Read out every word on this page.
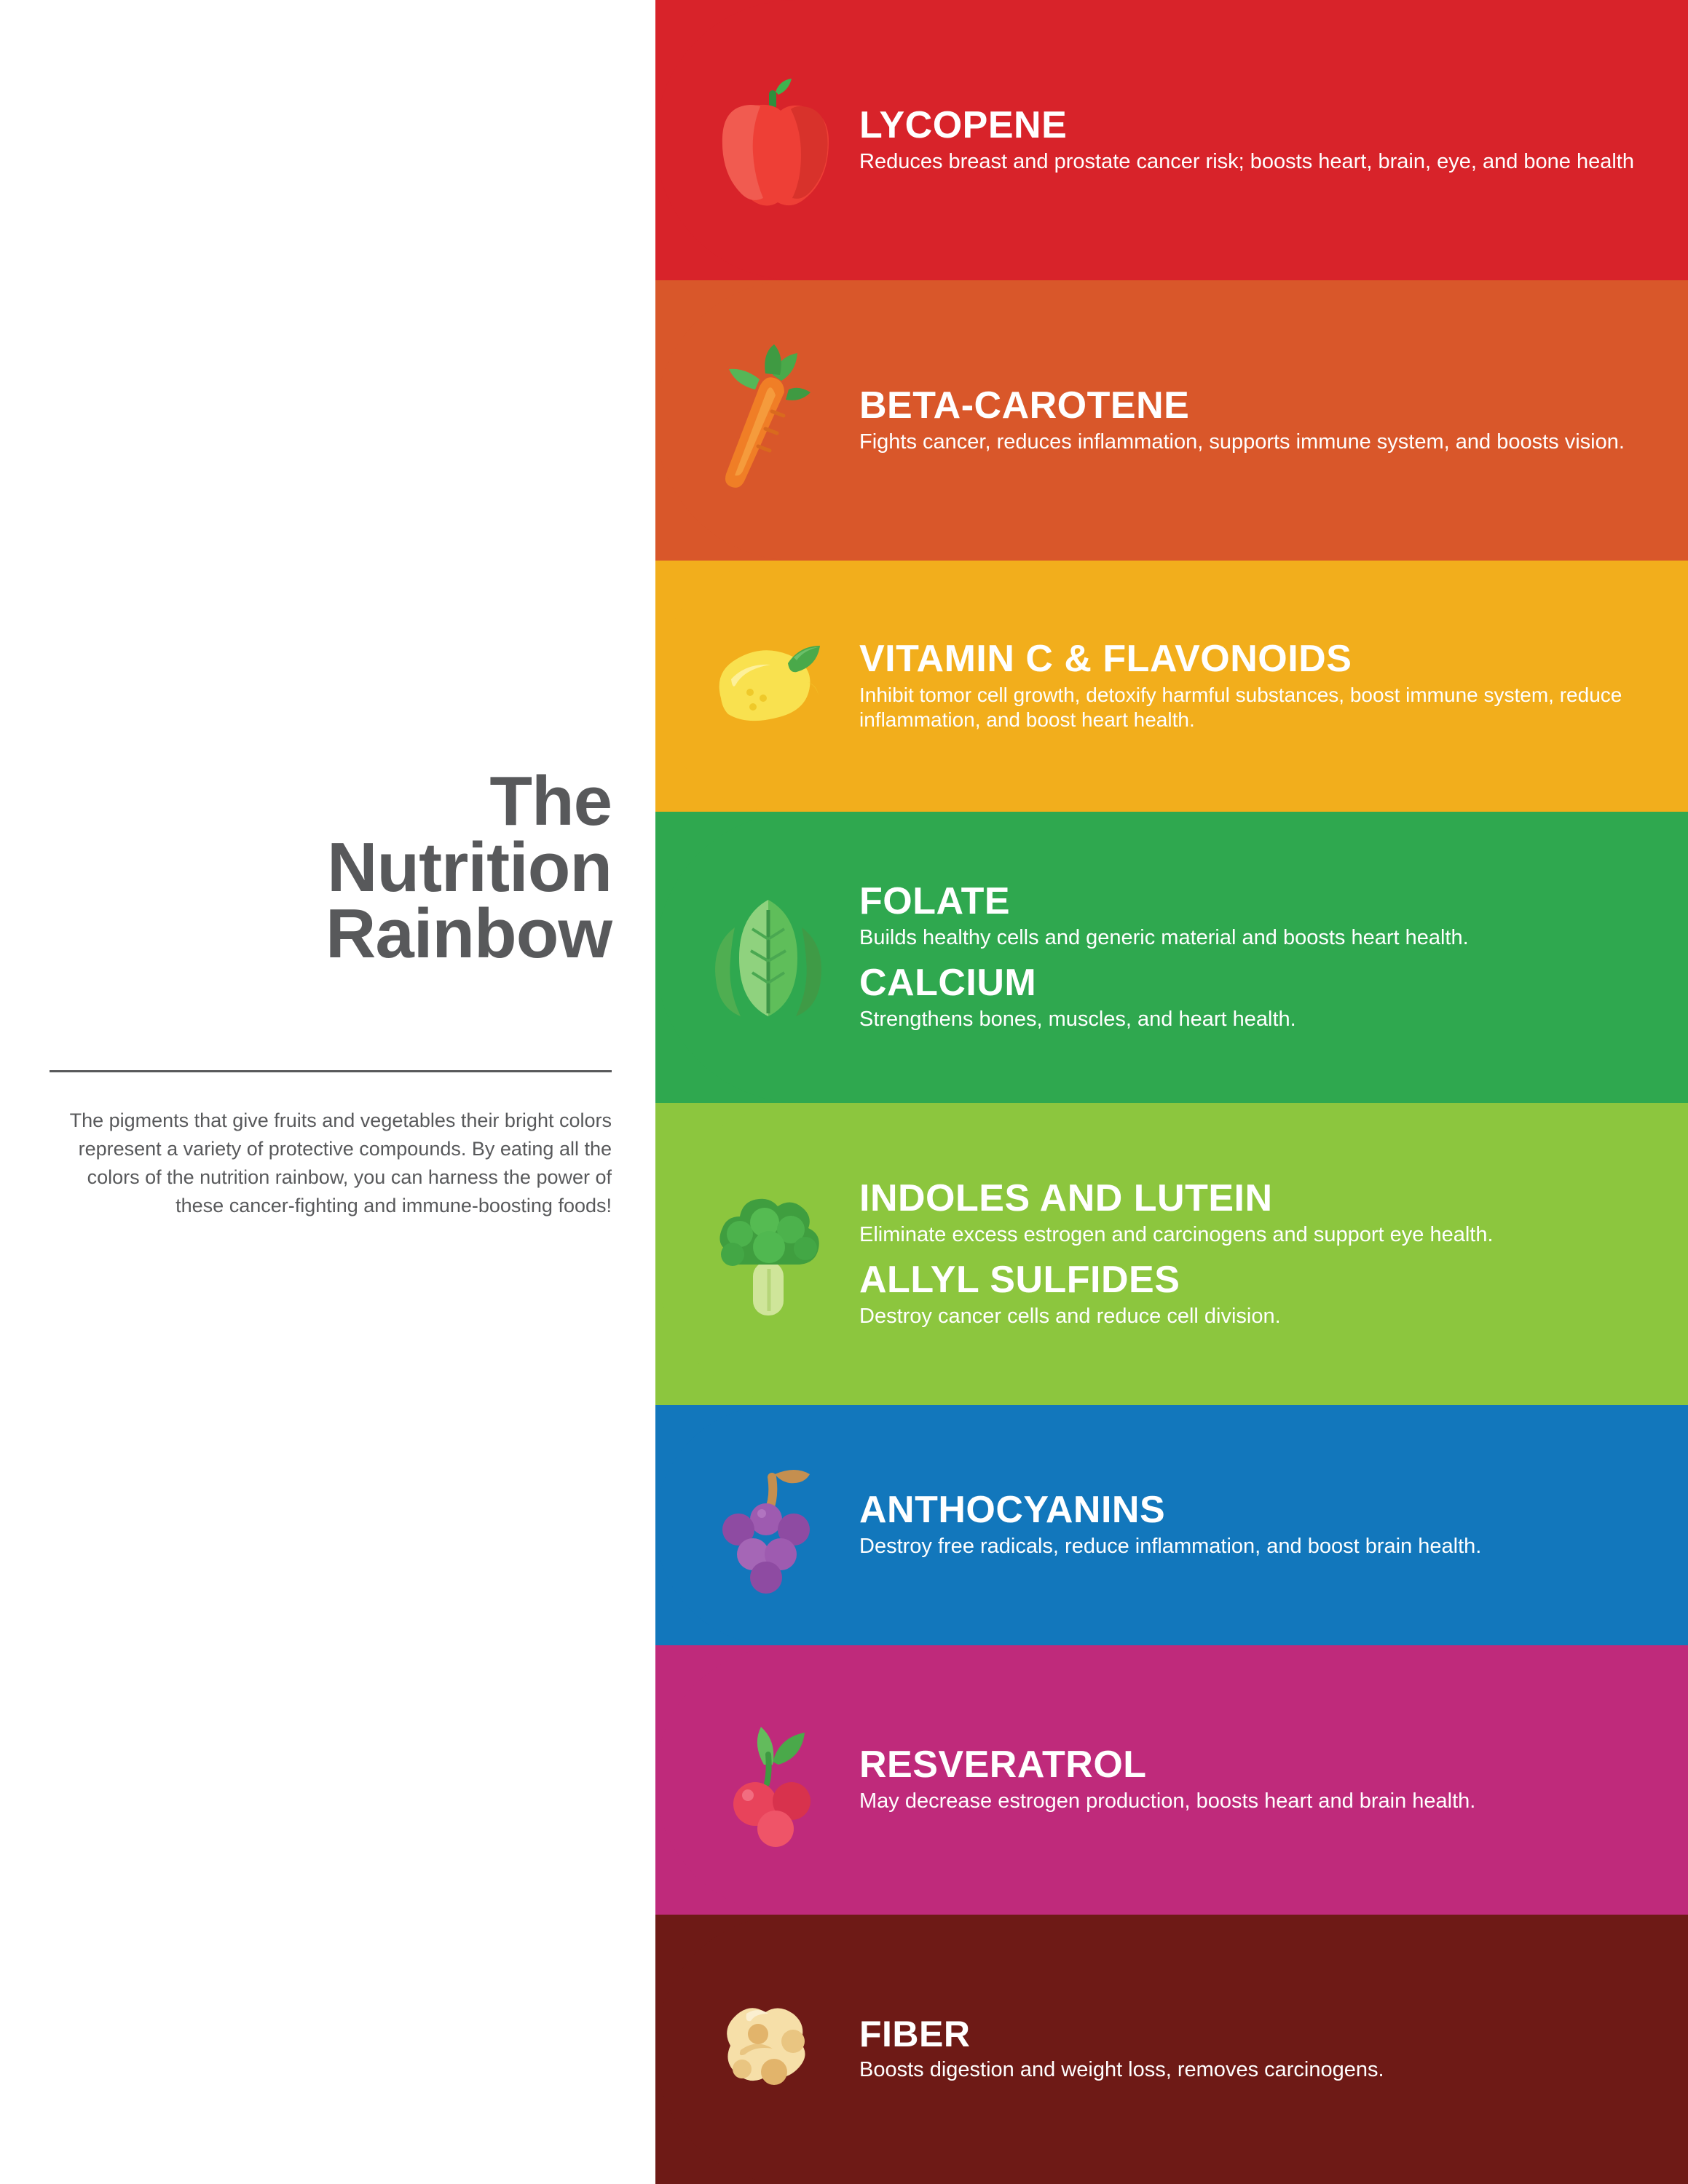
The
Nutrition
Rainbow

The pigments that give fruits and vegetables their bright colors represent a variety of protective compounds. By eating all the colors of the nutrition rainbow, you can harness the power of these cancer-fighting and immune-boosting foods!

LYCOPENE
Reduces breast and prostate cancer risk; boosts heart, brain, eye, and bone health
BETA-CAROTENE
Fights cancer, reduces inflammation, supports immune system, and boosts vision.
VITAMIN C & FLAVONOIDS
Inhibit tomor cell growth, detoxify harmful substances, boost immune system, reduce inflammation, and boost heart health.
FOLATE
Builds healthy cells and generic material and boosts heart health.
CALCIUM
Strengthens bones, muscles, and heart health.
INDOLES AND LUTEIN
Eliminate excess estrogen and carcinogens and support eye health.
ALLYL SULFIDES
Destroy cancer cells and reduce cell division.
ANTHOCYANINS
Destroy free radicals, reduce inflammation, and boost brain health.
RESVERATROL
May decrease estrogen production, boosts heart and brain health.
FIBER
Boosts digestion and weight loss, removes carcinogens.
